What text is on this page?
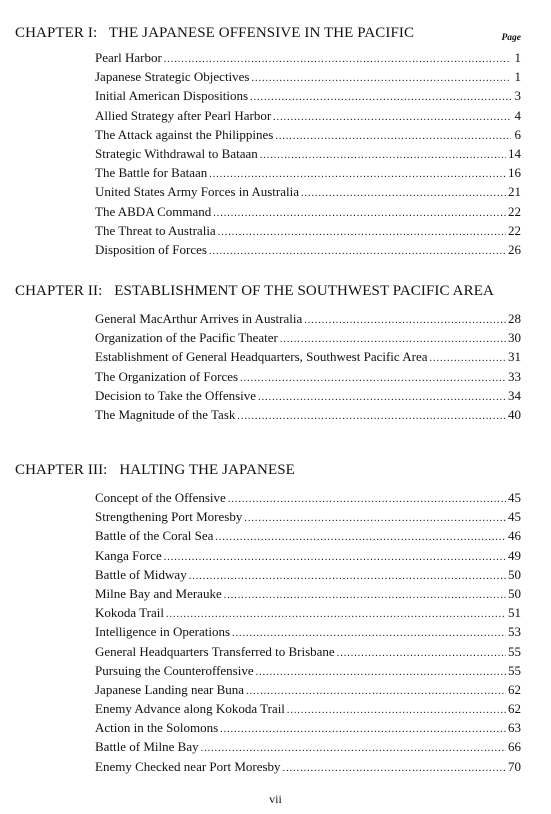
CHAPTER I: THE JAPANESE OFFENSIVE IN THE PACIFIC	Page
Pearl Harbor .....	1
Japanese Strategic Objectives .....	1
Initial American Dispositions .....	3
Allied Strategy after Pearl Harbor .....	4
The Attack against the Philippines .....	6
Strategic Withdrawal to Bataan .....	14
The Battle for Bataan .....	16
United States Army Forces in Australia .....	21
The ABDA Command .....	22
The Threat to Australia .....	22
Disposition of Forces .....	26
CHAPTER II: ESTABLISHMENT OF THE SOUTHWEST PACIFIC AREA
General MacArthur Arrives in Australia .....	28
Organization of the Pacific Theater .....	30
Establishment of General Headquarters, Southwest Pacific Area .....	31
The Organization of Forces .....	33
Decision to Take the Offensive .....	34
The Magnitude of the Task .....	40
CHAPTER III: HALTING THE JAPANESE
Concept of the Offensive .....	45
Strengthening Port Moresby .....	45
Battle of the Coral Sea .....	46
Kanga Force .....	49
Battle of Midway .....	50
Milne Bay and Merauke .....	50
Kokoda Trail .....	51
Intelligence in Operations .....	53
General Headquarters Transferred to Brisbane .....	55
Pursuing the Counteroffensive .....	55
Japanese Landing near Buna .....	62
Enemy Advance along Kokoda Trail .....	62
Action in the Solomons .....	63
Battle of Milne Bay .....	66
Enemy Checked near Port Moresby .....	70
vii
